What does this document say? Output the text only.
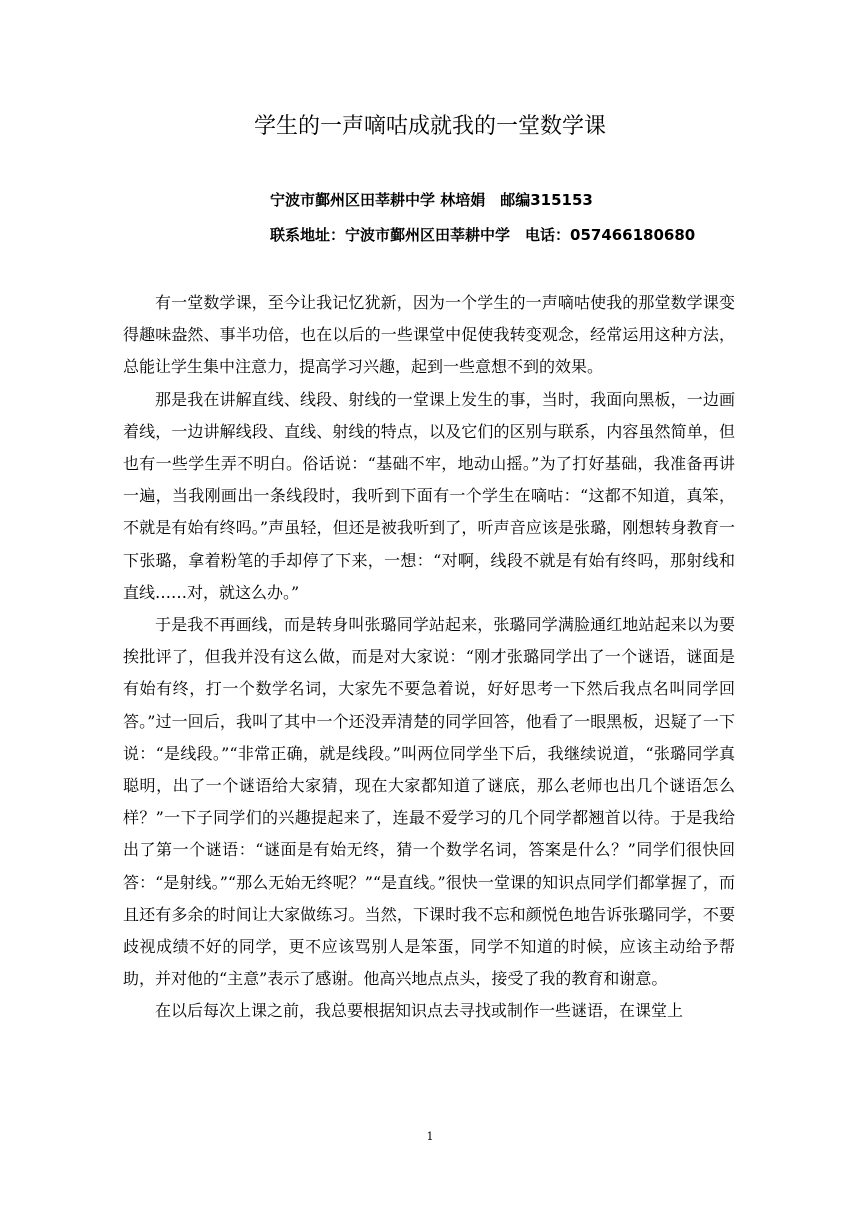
学生的一声嘀咕成就我的一堂数学课

宁波市鄞州区田莘耕中学 林培娟　邮编315153

联系地址：宁波市鄞州区田莘耕中学　电话：057466180680

有一堂数学课，至今让我记忆犹新，因为一个学生的一声嘀咕使我的那堂数学课变得趣味盎然、事半功倍，也在以后的一些课堂中促使我转变观念，经常运用这种方法，总能让学生集中注意力，提高学习兴趣，起到一些意想不到的效果。

那是我在讲解直线、线段、射线的一堂课上发生的事，当时，我面向黑板，一边画着线，一边讲解线段、直线、射线的特点，以及它们的区别与联系，内容虽然简单，但也有一些学生弄不明白。俗话说：“基础不牢，地动山摇。”为了打好基础，我准备再讲一遍，当我刚画出一条线段时，我听到下面有一个学生在嘀咕：“这都不知道，真笨，不就是有始有终吗。”声虽轻，但还是被我听到了，听声音应该是张璐，刚想转身教育一下张璐，拿着粉笔的手却停了下来，一想：“对啊，线段不就是有始有终吗，那射线和直线……对，就这么办。”

于是我不再画线，而是转身叫张璐同学站起来，张璐同学满脸通红地站起来以为要挨批评了，但我并没有这么做，而是对大家说：“刚才张璐同学出了一个谜语，谜面是有始有终，打一个数学名词，大家先不要急着说，好好思考一下然后我点名叫同学回答。”过一回后，我叫了其中一个还没弄清楚的同学回答，他看了一眼黑板，迟疑了一下说：“是线段。”“非常正确，就是线段。”叫两位同学坐下后，我继续说道，“张璐同学真聪明，出了一个谜语给大家猜，现在大家都知道了谜底，那么老师也出几个谜语怎么样？”一下子同学们的兴趣提起来了，连最不爱学习的几个同学都翘首以待。于是我给出了第一个谜语：“谜面是有始无终，猜一个数学名词，答案是什么？”同学们很快回答：“是射线。”“那么无始无终呢？”“是直线。”很快一堂课的知识点同学们都掌握了，而且还有多余的时间让大家做练习。当然，下课时我不忘和颜悦色地告诉张璐同学，不要歧视成绩不好的同学，更不应该骂别人是笨蛋，同学不知道的时候，应该主动给予帮助，并对他的“主意”表示了感谢。他高兴地点点头，接受了我的教育和谢意。

在以后每次上课之前，我总要根据知识点去寻找或制作一些谜语，在课堂上

1
